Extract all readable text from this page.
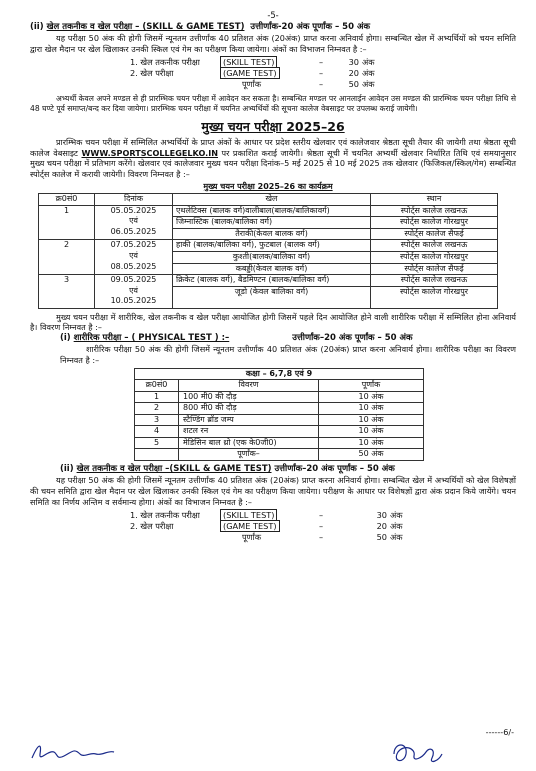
-5-
(ii) खेल तकनीक व खेल परीक्षा – (SKILL & GAME TEST) उत्तीर्णांक-20 अंक पूर्णांक – 50 अंक

यह परीक्षा 50 अंक की होगी जिसमें न्यूनतम उत्तीर्णांक 40 प्रतिशत अंक (20अंक) प्राप्त करना अनिवार्य होगा। सम्बन्धित खेल में अभ्यर्थियों को चयन समिति द्वारा खेल मैदान पर खेल खिलाकर उनकी स्किल एवं गेम का परीक्षण किया जायेगा। अंकों का विभाजन निम्नवत है :–

1. खेल तकनीक परीक्षा	(SKILL TEST)	–	30 अंक
2. खेल परीक्षा	(GAME TEST)	–	20 अंक
पूर्णांक	–	50 अंक

अभ्यर्थी केवल अपने मण्डल से ही प्रारम्भिक चयन परीक्षा में आवेदन कर सकता है। सम्बन्धित मण्डल पर आनलाईन आवेदन उस मण्डल की प्रारम्भिक चयन परीक्षा तिथि से 48 घण्टे पूर्व समाप्त/बन्द कर दिया जायेगा। प्रारम्भिक चयन परीक्षा में चयनित अभ्यर्थियों की सूचना कालेज वेबसाइट पर उपलब्ध कराई जायेगी।

मुख्य चयन परीक्षा 2025–26

प्रारम्भिक चयन परीक्षा में सम्मिलित अभ्यर्थियों के प्राप्त अंकों के आधार पर प्रदेश स्तरीय खेलवार एवं कालेजवार श्रेष्ठता सूची तैयार की जायेगी तथा श्रेष्ठता सूची कालेज वेबसाइट WWW.SPORTSCOLLEGELKO.IN पर प्रकाशित कराई जायेगी। श्रेष्ठता सूची में चयनित अभ्यर्थी खेलवार निर्धारित तिथि एवं समयानुसार मुख्य चयन परीक्षा में प्रतिभाग करेंगे। खेलवार एवं कालेजवार मुख्य चयन परीक्षा दिनांक–5 मई 2025 से 10 मई 2025 तक खेलवार (फिजिकल/स्किल/गेम) सम्बन्धित स्पोर्ट्स कालेज में करायी जायेगी। विवरण निम्नवत है :–

मुख्य चयन परीक्षा 2025–26 का कार्यक्रम			
क्र0सं0	दिनांक	खेल	स्थान
1	05.05.2025
एवं
06.05.2025	एथलेटिक्स (बालक वर्ग)वालीबाल(बालक/बालिकावर्ग)	स्पोर्ट्स कालेज लखनऊ
		जिम्नास्टिक (बालक/बालिका वर्ग)	स्पोर्ट्स कालेज गोरखपुर
		तैराकी(केवल बालक वर्ग)	स्पोर्ट्स कालेज सैफई
2	07.05.2025
एवं
08.05.2025	हाकी (बालक/बालिका वर्ग), फुटबाल (बालक वर्ग)	स्पोर्ट्स कालेज लखनऊ
		कुश्ती(बालक/बालिका वर्ग)	स्पोर्ट्स कालेज गोरखपुर
		कबड्डी(केवल बालक वर्ग)	स्पोर्ट्स कालेज सैफई
3	09.05.2025
एवं
10.05.2025	क्रिकेट (बालक वर्ग), बैडमिण्टन (बालक/बालिका वर्ग)	स्पोर्ट्स कालेज लखनऊ
		जूडो (केवल बालिका वर्ग)	स्पोर्ट्स कालेज गोरखपुर

मुख्य चयन परीक्षा में शारीरिक, खेल तकनीक व खेल परीक्षा आयोजित होगी जिसमें पहले दिन आयोजित होने वाली शारीरिक परीक्षा में सम्मिलित होना अनिवार्य है। विवरण निम्नवत है :–

(i) शारीरिक परीक्षा – ( PHYSICAL TEST ) :–	उत्तीर्णांक–20 अंक पूर्णांक – 50 अंक

शारीरिक परीक्षा 50 अंक की होगी जिसमें न्यूनतम उत्तीर्णांक 40 प्रतिशत अंक (20अंक) प्राप्त करना अनिवार्य होगा। शारीरिक परीक्षा का विवरण निम्नवत है :–

कक्षा – 6,7,8 एवं 9		
क्र0सं0	विवरण	पूर्णांक
1	100 मी0 की दौड़	10 अंक
2	800 मी0 की दौड़	10 अंक
3	स्टैण्डिंग ब्रॉड जम्प	10 अंक
4	शटल रन	10 अंक
5	मेडिसिन बाल थ्रो (एक के0जी0)	10 अंक
	पूर्णांक–	50 अंक
(ii) खेल तकनीक व खेल परीक्षा –(SKILL & GAME TEST) उत्तीर्णांक–20 अंक पूर्णांक – 50 अंक

यह परीक्षा 50 अंक की होगी जिसमें न्यूनतम उत्तीर्णांक 40 प्रतिशत अंक (20अंक) प्राप्त करना अनिवार्य होगा। सम्बन्धित खेल में अभ्यर्थियों को खेल विशेषज्ञों की चयन समिति द्वारा खेल मैदान पर खेल खिलाकर उनकी स्किल एवं गेम का परीक्षण किया जायेगा। परीक्षण के आधार पर विशेषज्ञों द्वारा अंक प्रदान किये जायेंगे। चयन समिति का निर्णय अन्तिम व सर्वमान्य होगा। अंकों का विभाजन निम्नवत है :–

1. खेल तकनीक परीक्षा	(SKILL TEST)	–	30 अंक
2. खेल परीक्षा	(GAME TEST)	–	20 अंक
पूर्णांक	–	50 अंक
------6/-
